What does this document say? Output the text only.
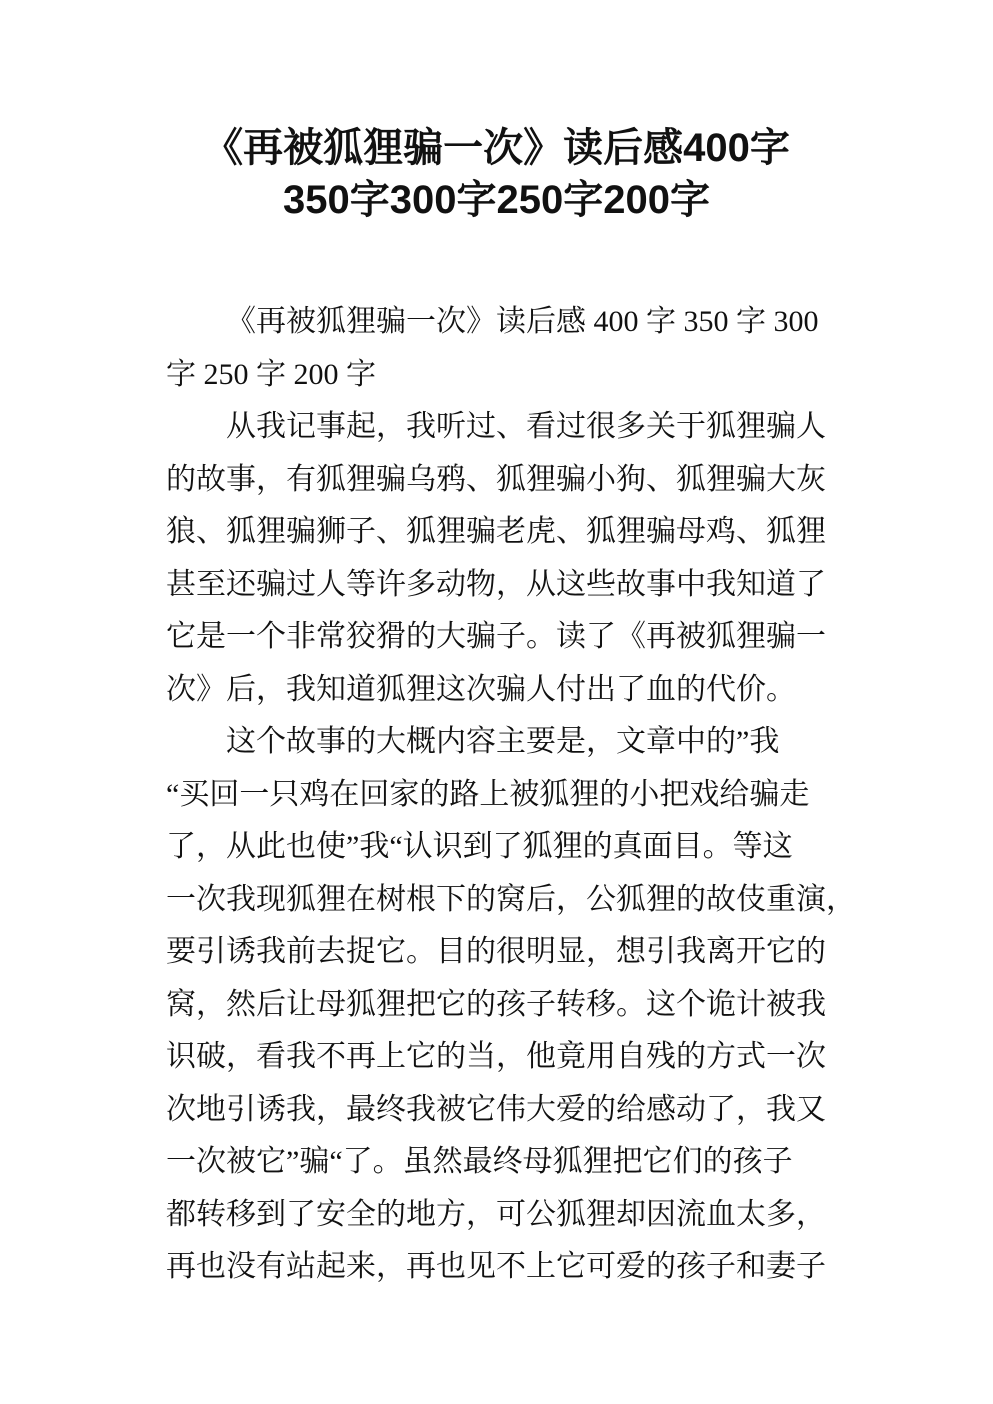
《再被狐狸骗一次》读后感400字
350字300字250字200字
《再被狐狸骗一次》读后感 400 字 350 字 300
字 250 字 200 字
从我记事起，我听过、看过很多关于狐狸骗人
的故事，有狐狸骗乌鸦、狐狸骗小狗、狐狸骗大灰
狼、狐狸骗狮子、狐狸骗老虎、狐狸骗母鸡、狐狸
甚至还骗过人等许多动物，从这些故事中我知道了
它是一个非常狡猾的大骗子。读了《再被狐狸骗一
次》后，我知道狐狸这次骗人付出了血的代价。
这个故事的大概内容主要是，文章中的”我
“买回一只鸡在回家的路上被狐狸的小把戏给骗走
了，从此也使”我“认识到了狐狸的真面目。等这
一次我现狐狸在树根下的窝后，公狐狸的故伎重演，
要引诱我前去捉它。目的很明显，想引我离开它的
窝，然后让母狐狸把它的孩子转移。这个诡计被我
识破，看我不再上它的当，他竟用自残的方式一次
次地引诱我，最终我被它伟大爱的给感动了，我又
一次被它”骗“了。虽然最终母狐狸把它们的孩子
都转移到了安全的地方，可公狐狸却因流血太多，
再也没有站起来，再也见不上它可爱的孩子和妻子
